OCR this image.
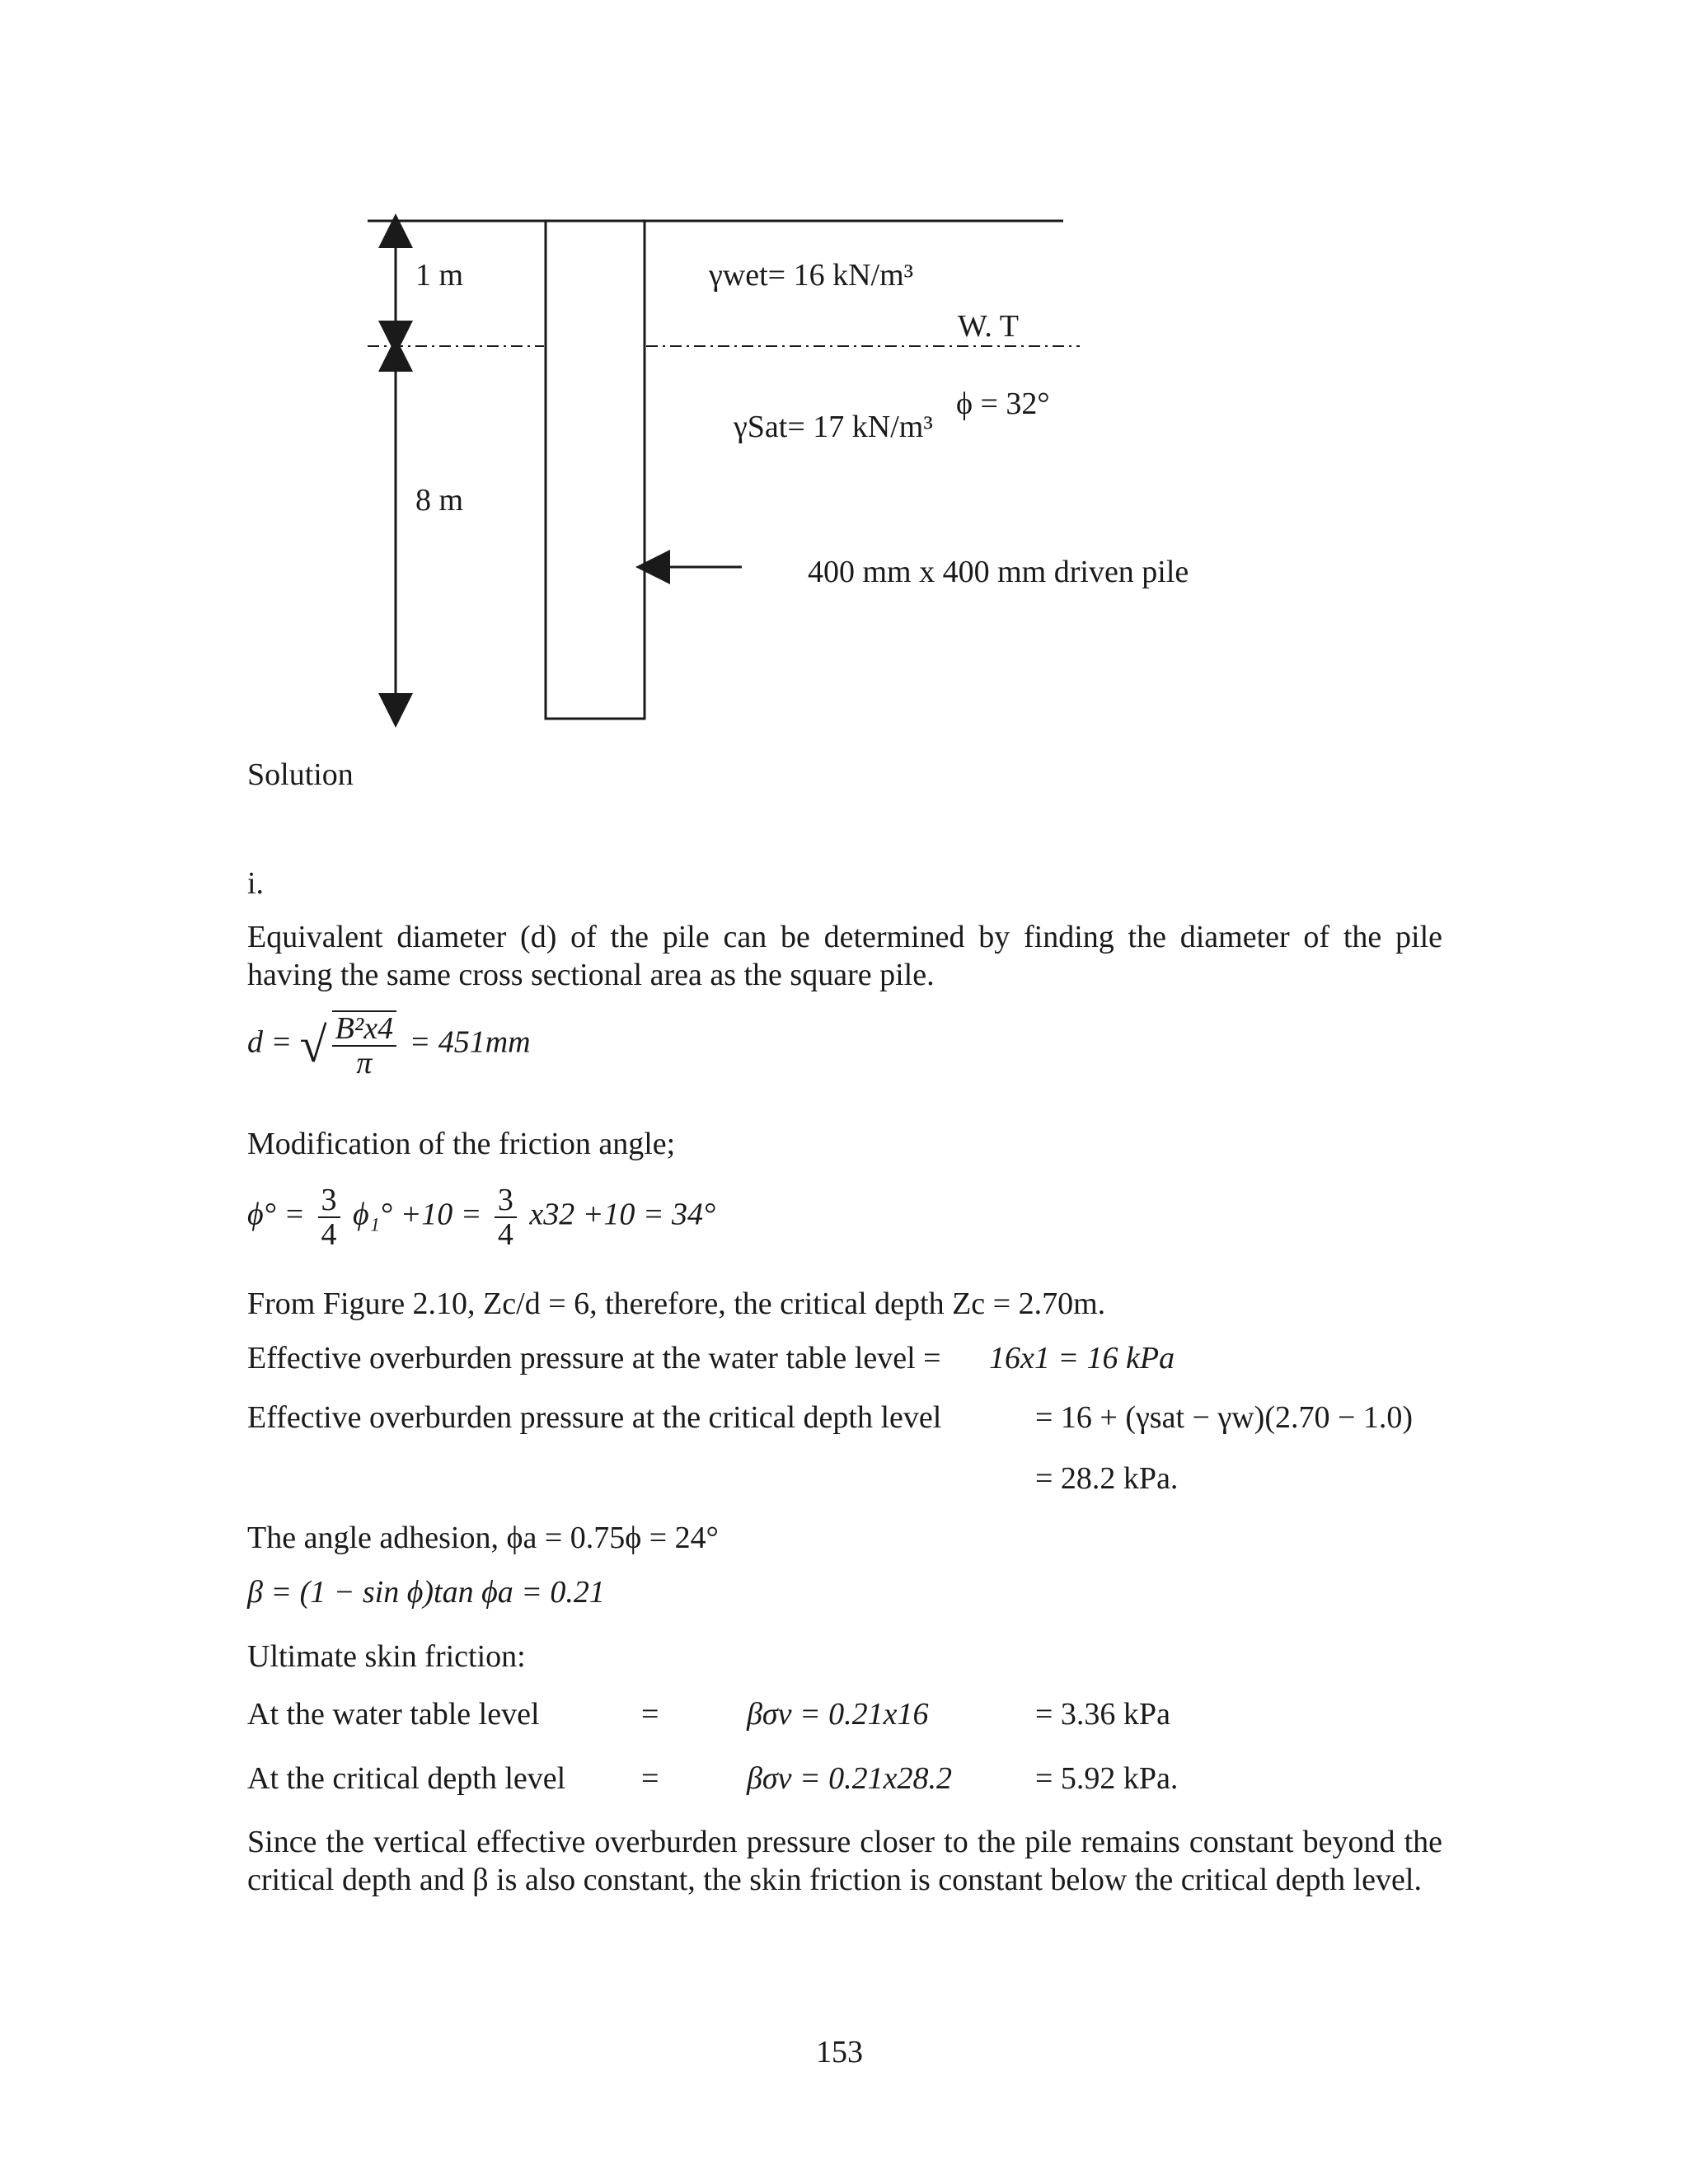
1 m
8 m
γwet= 16 kN/m³
W. T
ϕ = 32°
γSat= 17 kN/m³
400 mm x 400 mm driven pile
Solution
i.
Equivalent diameter (d) of the pile can be determined by finding the diameter of the pile having the same cross sectional area as the square pile.
d = √ $\frac{\text{B²x4}}{\pi} = 451mm$
Modification of the friction angle;
$\phi^\circ = \frac{3}{4} \phi_1^\circ +10 = \frac{3}{4} x32 +10 = 34^\circ$
From Figure 2.10, Zc/d = 6, therefore, the critical depth Zc = 2.70m.
Effective overburden pressure at the water table level = 16x1 = 16 kPa
Effective overburden pressure at the critical depth level	= 16 + (γsat − γw)(2.70 − 1.0)
= 28.2 kPa.
The angle adhesion, ϕa = 0.75ϕ = 24°
β = (1 − sin ϕ)tan ϕa = 0.21
Ultimate skin friction:
At the water table level	=	βσv = 0.21x16	= 3.36 kPa
At the critical depth level =	βσv = 0.21x28.2	= 5.92 kPa.
Since the vertical effective overburden pressure closer to the pile remains constant beyond the critical depth and β is also constant, the skin friction is constant below the critical depth level.
153
